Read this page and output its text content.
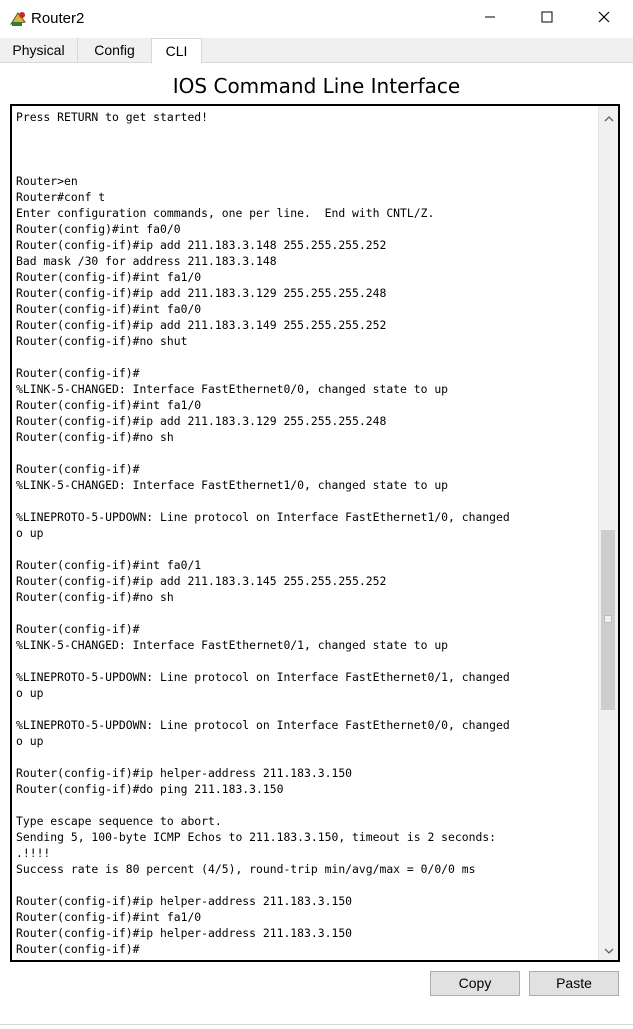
Router2
Physical	Config	CLI
IOS Command Line Interface
Press RETURN to get started!

Router>en
Router#conf t
Enter configuration commands, one per line.  End with CNTL/Z.
Router(config)#int fa0/0
Router(config-if)#ip add 211.183.3.148 255.255.255.252
Bad mask /30 for address 211.183.3.148
Router(config-if)#int fa1/0
Router(config-if)#ip add 211.183.3.129 255.255.255.248
Router(config-if)#int fa0/0
Router(config-if)#ip add 211.183.3.149 255.255.255.252
Router(config-if)#no shut

Router(config-if)#
%LINK-5-CHANGED: Interface FastEthernet0/0, changed state to up
Router(config-if)#int fa1/0
Router(config-if)#ip add 211.183.3.129 255.255.255.248
Router(config-if)#no sh

Router(config-if)#
%LINK-5-CHANGED: Interface FastEthernet1/0, changed state to up

%LINEPROTO-5-UPDOWN: Line protocol on Interface FastEthernet1/0, changed
o up

Router(config-if)#int fa0/1
Router(config-if)#ip add 211.183.3.145 255.255.255.252
Router(config-if)#no sh

Router(config-if)#
%LINK-5-CHANGED: Interface FastEthernet0/1, changed state to up

%LINEPROTO-5-UPDOWN: Line protocol on Interface FastEthernet0/1, changed
o up

%LINEPROTO-5-UPDOWN: Line protocol on Interface FastEthernet0/0, changed
o up

Router(config-if)#ip helper-address 211.183.3.150
Router(config-if)#do ping 211.183.3.150

Type escape sequence to abort.
Sending 5, 100-byte ICMP Echos to 211.183.3.150, timeout is 2 seconds:
.!!!!
Success rate is 80 percent (4/5), round-trip min/avg/max = 0/0/0 ms

Router(config-if)#ip helper-address 211.183.3.150
Router(config-if)#int fa1/0
Router(config-if)#ip helper-address 211.183.3.150
Router(config-if)#
Copy	Paste
